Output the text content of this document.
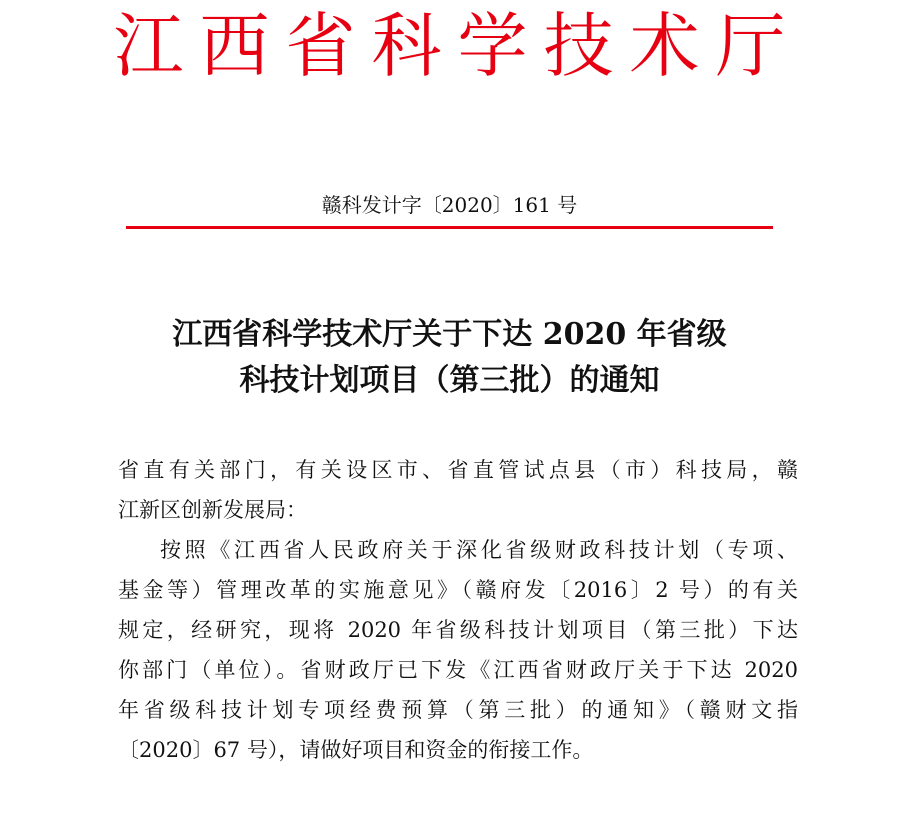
江西省科学技术厅
赣科发计字〔2020〕161 号
江西省科学技术厅关于下达 2020 年省级
科技计划项目（第三批）的通知
省直有关部门，有关设区市、省直管试点县（市）科技局，赣
江新区创新发展局：
按照《江西省人民政府关于深化省级财政科技计划（专项、
基金等）管理改革的实施意见》（赣府发〔2016〕2 号）的有关
规定，经研究，现将 2020 年省级科技计划项目（第三批）下达
你部门（单位）。省财政厅已下发《江西省财政厅关于下达 2020
年省级科技计划专项经费预算（第三批）的通知》（赣财文指
〔2020〕67 号），请做好项目和资金的衔接工作。
